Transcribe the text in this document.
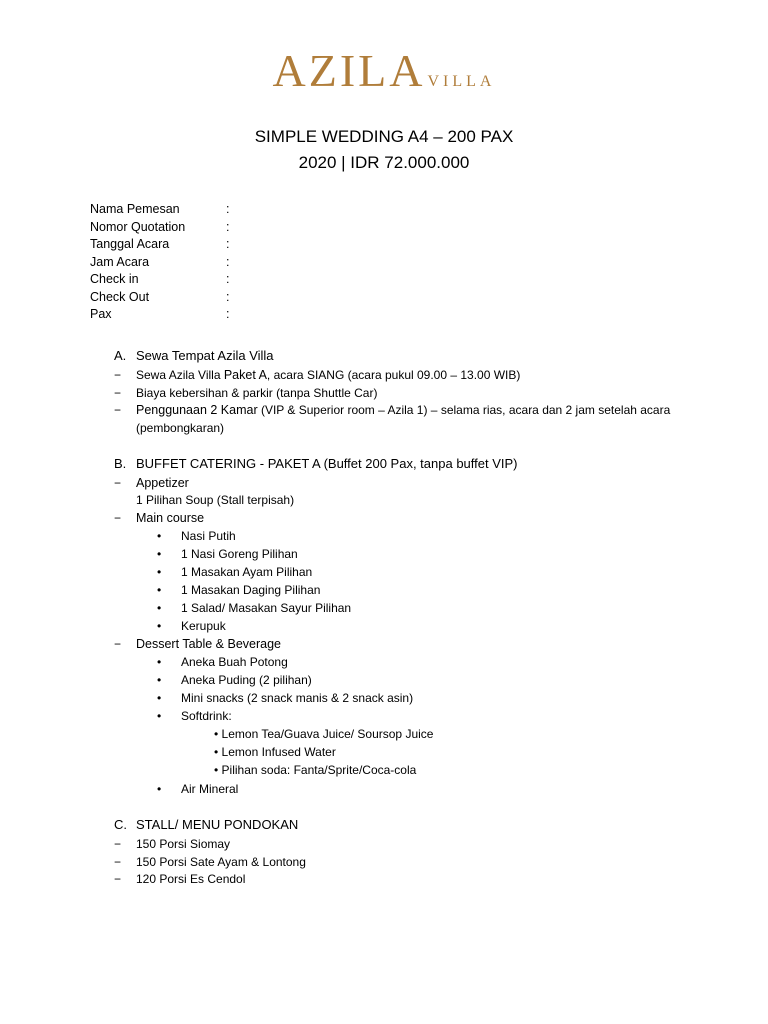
AZILA VILLA
SIMPLE WEDDING A4 – 200 PAX
2020 | IDR 72.000.000
Nama Pemesan	:
Nomor Quotation	:
Tanggal Acara	:
Jam Acara	:
Check in	:
Check Out	:
Pax	:
A. Sewa Tempat Azila Villa
− Sewa Azila Villa Paket A, acara SIANG (acara pukul 09.00 – 13.00 WIB)
− Biaya kebersihan & parkir (tanpa Shuttle Car)
− Penggunaan 2 Kamar (VIP & Superior room – Azila 1) – selama rias, acara dan 2 jam setelah acara
(pembongkaran)
B. BUFFET CATERING - PAKET A (Buffet 200 Pax, tanpa buffet VIP)
− Appetizer
1 Pilihan Soup (Stall terpisah)
− Main course
• Nasi Putih
• 1 Nasi Goreng Pilihan
• 1 Masakan Ayam Pilihan
• 1 Masakan Daging Pilihan
• 1 Salad/ Masakan Sayur Pilihan
• Kerupuk
− Dessert Table & Beverage
• Aneka Buah Potong
• Aneka Puding (2 pilihan)
• Mini snacks (2 snack manis & 2 snack asin)
• Softdrink:
• Lemon Tea/Guava Juice/ Soursop Juice
• Lemon Infused Water
• Pilihan soda: Fanta/Sprite/Coca-cola
• Air Mineral
C. STALL/ MENU PONDOKAN
− 150 Porsi Siomay
− 150 Porsi Sate Ayam & Lontong
− 120 Porsi Es Cendol
